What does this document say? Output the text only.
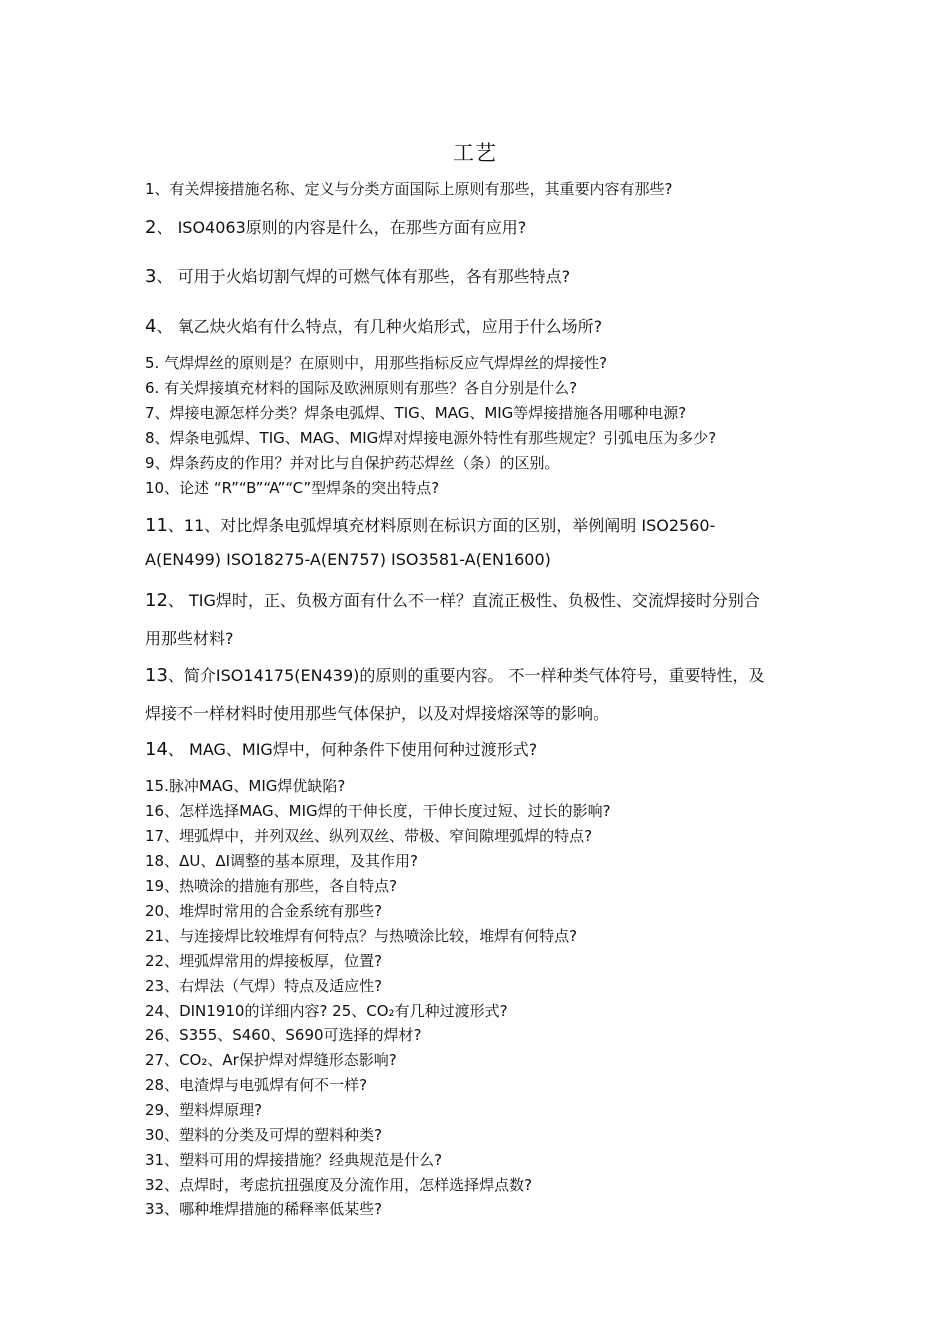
工艺
1、有关焊接措施名称、定义与分类方面国际上原则有那些，其重要内容有那些?
2、 ISO4063原则的内容是什么，在那些方面有应用?
3、 可用于火焰切割气焊的可燃气体有那些，各有那些特点?
4、 氧乙炔火焰有什么特点，有几种火焰形式，应用于什么场所?
5. 气焊焊丝的原则是？在原则中，用那些指标反应气焊焊丝的焊接性?
6. 有关焊接填充材料的国际及欧洲原则有那些？各自分别是什么?
7、焊接电源怎样分类？焊条电弧焊、TIG、MAG、MIG等焊接措施各用哪种电源?
8、焊条电弧焊、TIG、MAG、MIG焊对焊接电源外特性有那些规定？引弧电压为多少?
9、焊条药皮的作用？并对比与自保护药芯焊丝（条）的区别。
10、论述 “R”“B”“A”“C”型焊条的突出特点?
11、11、对比焊条电弧焊填充材料原则在标识方面的区别，举例阐明 ISO2560-
A(EN499) ISO18275-A(EN757) ISO3581-A(EN1600)
12、 TIG焊时，正、负极方面有什么不一样？直流正极性、负极性、交流焊接时分别合
用那些材料?
13、简介ISO14175(EN439)的原则的重要内容。 不一样种类气体符号，重要特性，及
焊接不一样材料时使用那些气体保护，以及对焊接熔深等的影响。
14、 MAG、MIG焊中，何种条件下使用何种过渡形式?
15.脉冲MAG、MIG焊优缺陷?
16、怎样选择MAG、MIG焊的干伸长度，干伸长度过短、过长的影响?
17、埋弧焊中，并列双丝、纵列双丝、带极、窄间隙埋弧焊的特点?
18、ΔU、ΔI调整的基本原理，及其作用?
19、热喷涂的措施有那些，各自特点?
20、堆焊时常用的合金系统有那些?
21、与连接焊比较堆焊有何特点？与热喷涂比较，堆焊有何特点?
22、埋弧焊常用的焊接板厚，位置?
23、右焊法（气焊）特点及适应性?
24、DIN1910的详细内容? 25、CO₂有几种过渡形式?
26、S355、S460、S690可选择的焊材?
27、CO₂、Ar保护焊对焊缝形态影响?
28、电渣焊与电弧焊有何不一样?
29、塑料焊原理?
30、塑料的分类及可焊的塑料种类?
31、塑料可用的焊接措施？经典规范是什么?
32、点焊时，考虑抗扭强度及分流作用，怎样选择焊点数?
33、哪种堆焊措施的稀释率低某些?
